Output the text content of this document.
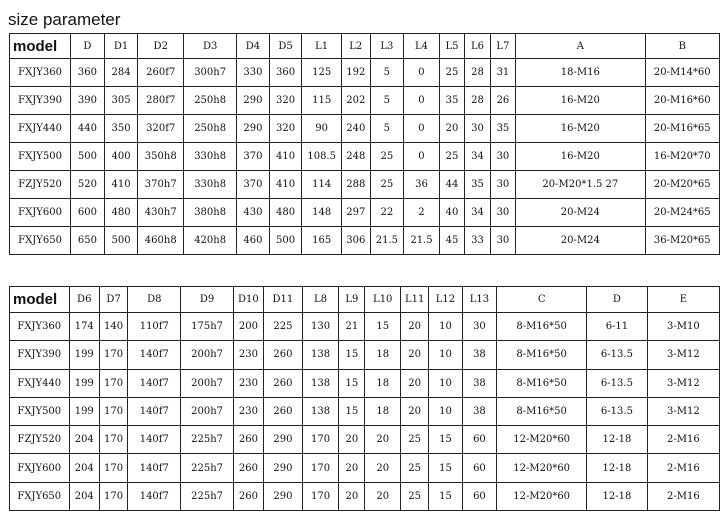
size parameter
model	D	D1	D2	D3	D4	D5	L1	L2	L3	L4	L5	L6	L7	A	B
FXJY360	360	284	260f7	300h7	330	360	125	192	5	0	25	28	31	18-M16	20-M14*60
FXJY390	390	305	280f7	250h8	290	320	115	202	5	0	35	28	26	16-M20	20-M16*60
FXJY440	440	350	320f7	250h8	290	320	90	240	5	0	20	30	35	16-M20	20-M16*65
FXJY500	500	400	350h8	330h8	370	410	108.5	248	25	0	25	34	30	16-M20	16-M20*70
FZJY520	520	410	370h7	330h8	370	410	114	288	25	36	44	35	30	20-M20*1.5 27	20-M20*65
FXJY600	600	480	430h7	380h8	430	480	148	297	22	2	40	34	30	20-M24	20-M24*65
FXJY650	650	500	460h8	420h8	460	500	165	306	21.5	21.5	45	33	30	20-M24	36-M20*65
model	D6	D7	D8	D9	D10	D11	L8	L9	L10	L11	L12	L13	C	D	E
FXJY360	174	140	110f7	175h7	200	225	130	21	15	20	10	30	8-M16*50	6-11	3-M10
FXJY390	199	170	140f7	200h7	230	260	138	15	18	20	10	38	8-M16*50	6-13.5	3-M12
FXJY440	199	170	140f7	200h7	230	260	138	15	18	20	10	38	8-M16*50	6-13.5	3-M12
FXJY500	199	170	140f7	200h7	230	260	138	15	18	20	10	38	8-M16*50	6-13.5	3-M12
FZJY520	204	170	140f7	225h7	260	290	170	20	20	25	15	60	12-M20*60	12-18	2-M16
FXJY600	204	170	140f7	225h7	260	290	170	20	20	25	15	60	12-M20*60	12-18	2-M16
FXJY650	204	170	140f7	225h7	260	290	170	20	20	25	15	60	12-M20*60	12-18	2-M16
